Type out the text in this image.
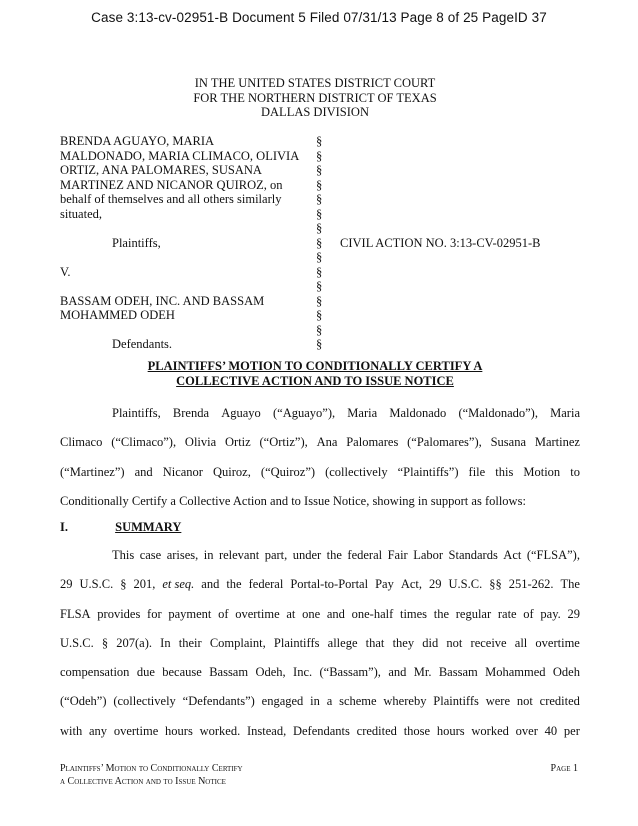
Case 3:13-cv-02951-B Document 5 Filed 07/31/13 Page 8 of 25 PageID 37
IN THE UNITED STATES DISTRICT COURT
FOR THE NORTHERN DISTRICT OF TEXAS
DALLAS DIVISION
BRENDA AGUAYO, MARIA
MALDONADO, MARIA CLIMACO, OLIVIA
ORTIZ, ANA PALOMARES, SUSANA
MARTINEZ AND NICANOR QUIROZ, on
behalf of themselves and all others similarly
situated,
Plaintiffs,
V.
BASSAM ODEH, INC. AND BASSAM
MOHAMMED ODEH
Defendants.
§
§
§
§
§
§
§
§
§
§
§
§
§
§
§
CIVIL ACTION NO. 3:13-CV-02951-B
PLAINTIFFS’ MOTION TO CONDITIONALLY CERTIFY A
COLLECTIVE ACTION AND TO ISSUE NOTICE
Plaintiffs, Brenda Aguayo (“Aguayo”), Maria Maldonado (“Maldonado”), Maria
Climaco (“Climaco”), Olivia Ortiz (“Ortiz”), Ana Palomares (“Palomares”), Susana Martinez
(“Martinez”) and Nicanor Quiroz, (“Quiroz”) (collectively “Plaintiffs”) file this Motion to
Conditionally Certify a Collective Action and to Issue Notice, showing in support as follows:
I.	SUMMARY
This case arises, in relevant part, under the federal Fair Labor Standards Act (“FLSA”),
29 U.S.C. § 201, et seq. and the federal Portal-to-Portal Pay Act, 29 U.S.C. §§ 251-262. The
FLSA provides for payment of overtime at one and one-half times the regular rate of pay. 29
U.S.C. § 207(a). In their Complaint, Plaintiffs allege that they did not receive all overtime
compensation due because Bassam Odeh, Inc. (“Bassam”), and Mr. Bassam Mohammed Odeh
(“Odeh”) (collectively “Defendants”) engaged in a scheme whereby Plaintiffs were not credited
with any overtime hours worked. Instead, Defendants credited those hours worked over 40 per
Plaintiffs’ Motion to Conditionally Certify
a Collective Action and to Issue Notice
Page 1
